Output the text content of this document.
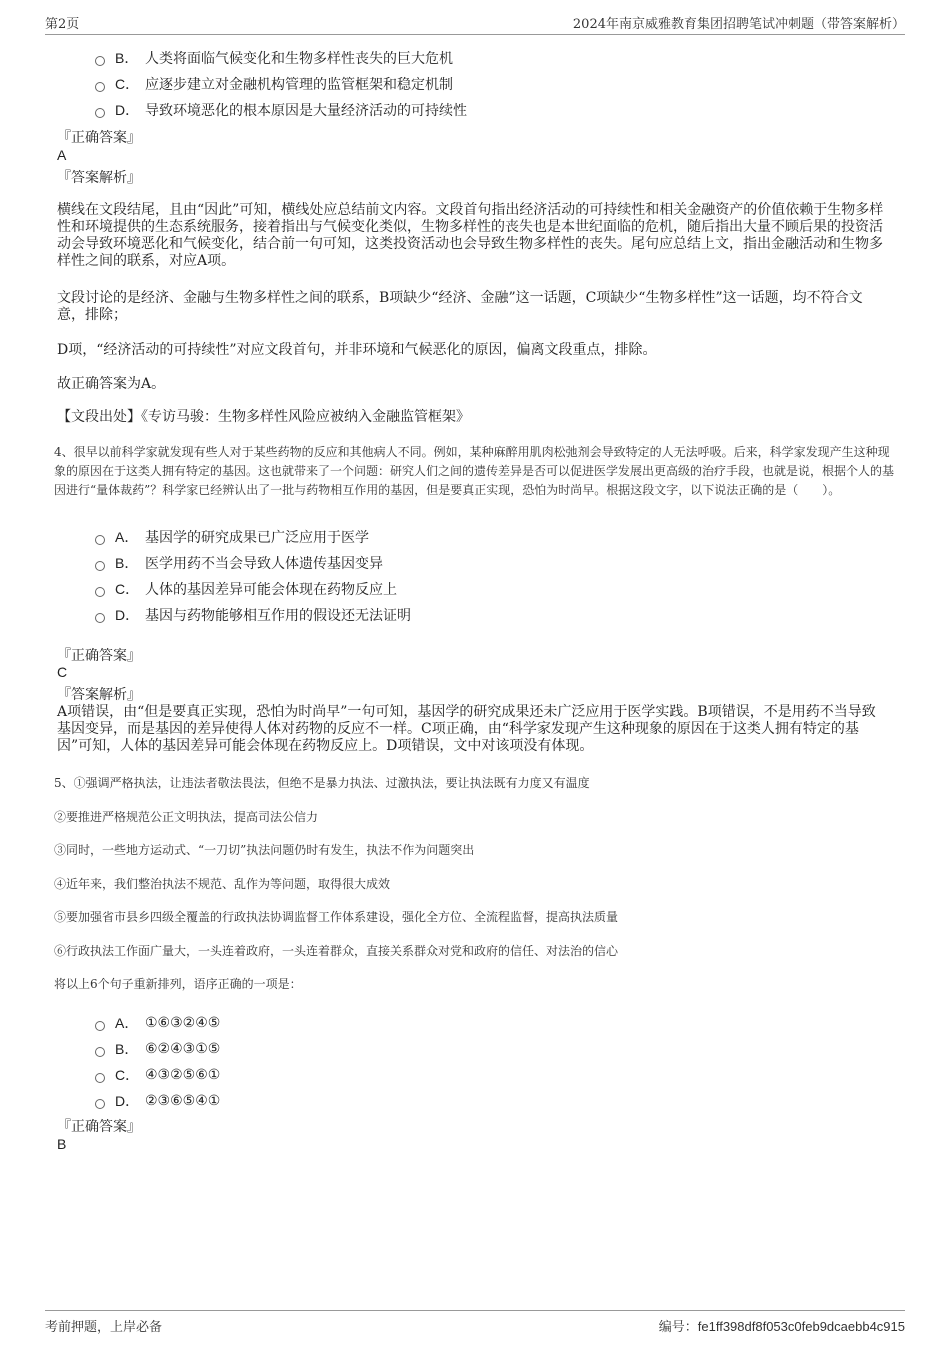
第2页	2024年南京威雅教育集团招聘笔试冲刺题（带答案解析）
B． 人类将面临气候变化和生物多样性丧失的巨大危机
C． 应逐步建立对金融机构管理的监管框架和稳定机制
D． 导致环境恶化的根本原因是大量经济活动的可持续性
『正确答案』
A
『答案解析』
横线在文段结尾，且由“因此”可知，横线处应总结前文内容。文段首句指出经济活动的可持续性和相关金融资产的价值依赖于生物多样性和环境提供的生态系统服务，接着指出与气候变化类似，生物多样性的丧失也是本世纪面临的危机，随后指出大量不顾后果的投资活动会导致环境恶化和气候变化，结合前一句可知，这类投资活动也会导致生物多样性的丧失。尾句应总结上文，指出金融活动和生物多样性之间的联系，对应A项。
文段讨论的是经济、金融与生物多样性之间的联系，B项缺少“经济、金融”这一话题，C项缺少“生物多样性”这一话题，均不符合文意，排除；
D项，“经济活动的可持续性”对应文段首句，并非环境和气候恶化的原因，偏离文段重点，排除。
故正确答案为A。
【文段出处】《专访马骏：生物多样性风险应被纳入金融监管框架》
4、很早以前科学家就发现有些人对于某些药物的反应和其他病人不同。例如，某种麻醉用肌肉松弛剂会导致特定的人无法呼吸。后来，科学家发现产生这种现象的原因在于这类人拥有特定的基因。这也就带来了一个问题：研究人们之间的遗传差异是否可以促进医学发展出更高级的治疗手段，也就是说，根据个人的基因进行“量体裁药”？科学家已经辨认出了一批与药物相互作用的基因，但是要真正实现，恐怕为时尚早。根据这段文字，以下说法正确的是（　　）。
A． 基因学的研究成果已广泛应用于医学
B． 医学用药不当会导致人体遗传基因变异
C． 人体的基因差异可能会体现在药物反应上
D． 基因与药物能够相互作用的假设还无法证明
『正确答案』
C
『答案解析』
A项错误，由“但是要真正实现，恐怕为时尚早”一句可知，基因学的研究成果还未广泛应用于医学实践。B项错误，不是用药不当导致基因变异，而是基因的差异使得人体对药物的反应不一样。C项正确，由“科学家发现产生这种现象的原因在于这类人拥有特定的基因”可知，人体的基因差异可能会体现在药物反应上。D项错误，文中对该项没有体现。
5、①强调严格执法，让违法者敬法畏法，但绝不是暴力执法、过激执法，要让执法既有力度又有温度
②要推进严格规范公正文明执法，提高司法公信力
③同时，一些地方运动式、“一刀切”执法问题仍时有发生，执法不作为问题突出
④近年来，我们整治执法不规范、乱作为等问题，取得很大成效
⑤要加强省市县乡四级全覆盖的行政执法协调监督工作体系建设，强化全方位、全流程监督，提高执法质量
⑥行政执法工作面广量大，一头连着政府，一头连着群众，直接关系群众对党和政府的信任、对法治的信心
将以上6个句子重新排列，语序正确的一项是：
A． ①⑥③②④⑤
B． ⑥②④③①⑤
C． ④③②⑤⑥①
D． ②③⑥⑤④①
『正确答案』
B
考前押题，上岸必备	编号：fe1ff398df8f053c0feb9dcaebb4c915
